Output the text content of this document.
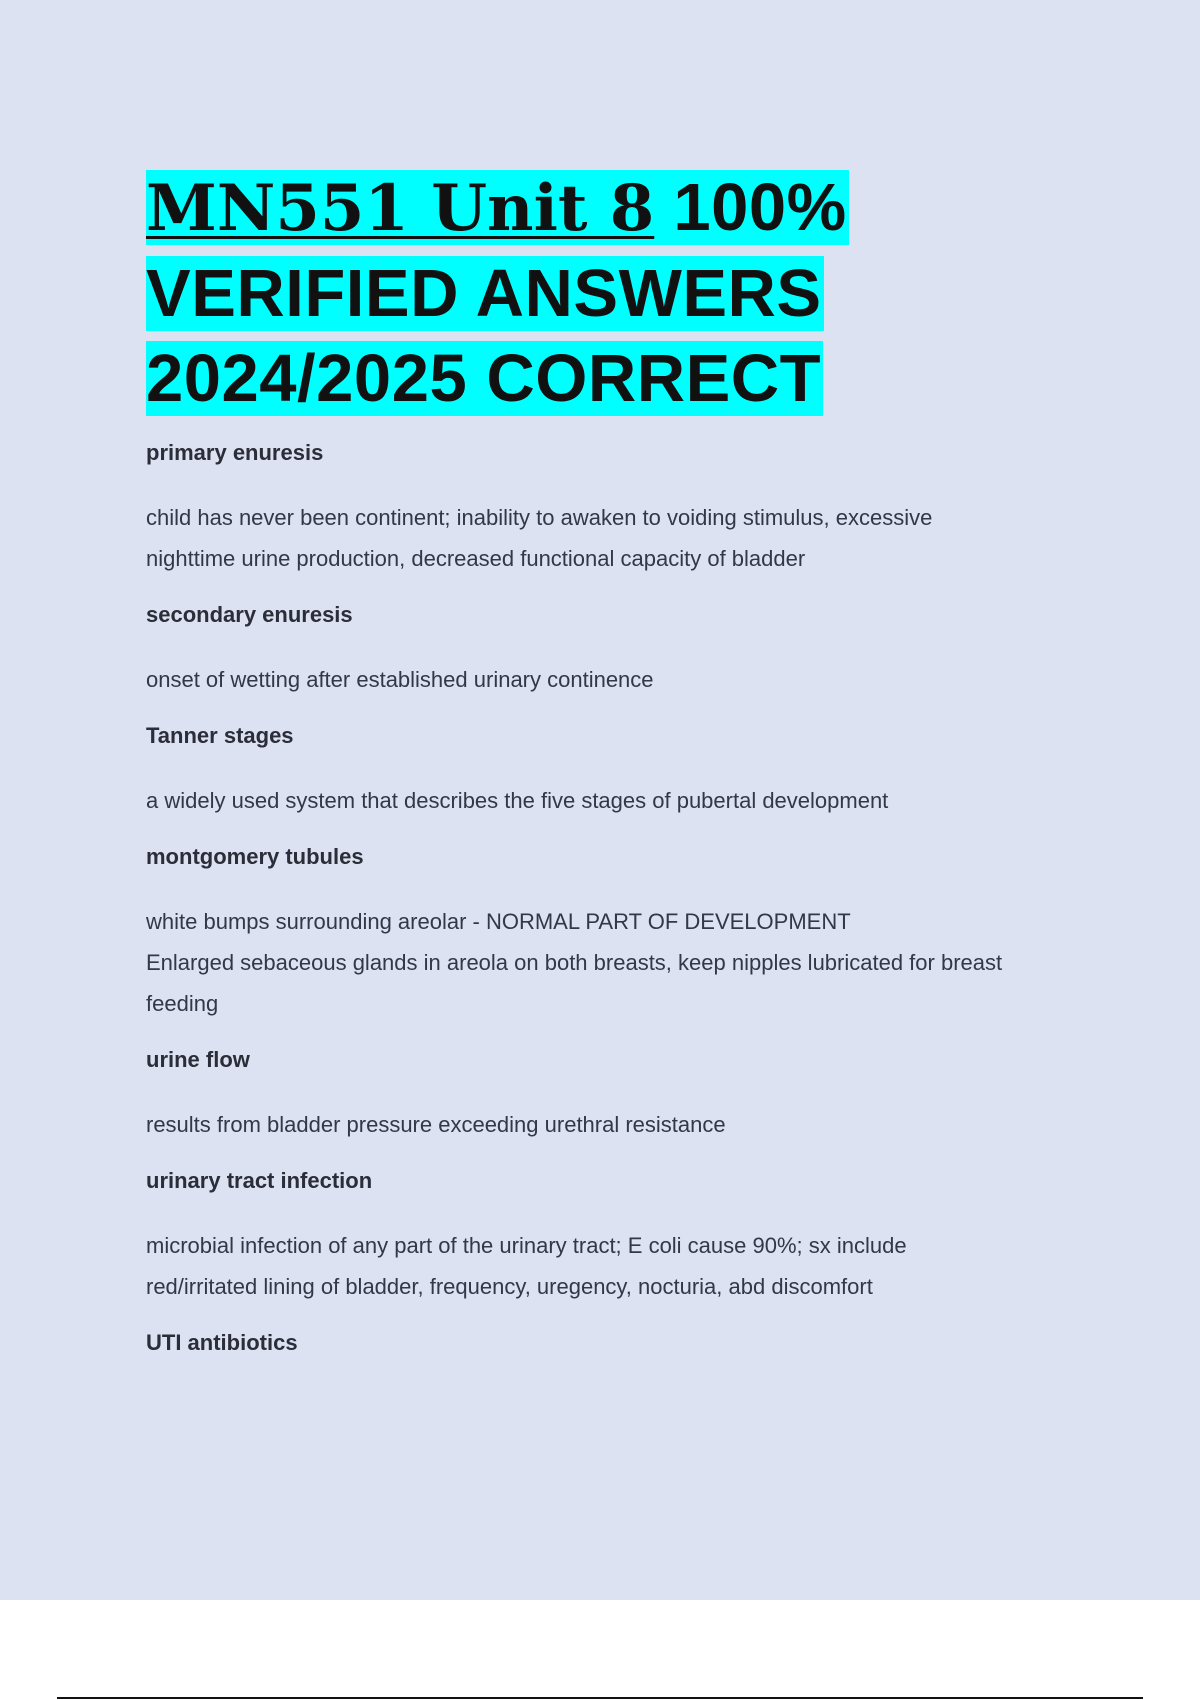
MN551 Unit 8 100%
VERIFIED ANSWERS
2024/2025 CORRECT

primary enuresis

child has never been continent; inability to awaken to voiding stimulus, excessive
nighttime urine production, decreased functional capacity of bladder

secondary enuresis

onset of wetting after established urinary continence

Tanner stages

a widely used system that describes the five stages of pubertal development

montgomery tubules

white bumps surrounding areolar - NORMAL PART OF DEVELOPMENT
Enlarged sebaceous glands in areola on both breasts, keep nipples lubricated for breast
feeding

urine flow

results from bladder pressure exceeding urethral resistance

urinary tract infection

microbial infection of any part of the urinary tract; E coli cause 90%; sx include
red/irritated lining of bladder, frequency, uregency, nocturia, abd discomfort

UTI antibiotics
